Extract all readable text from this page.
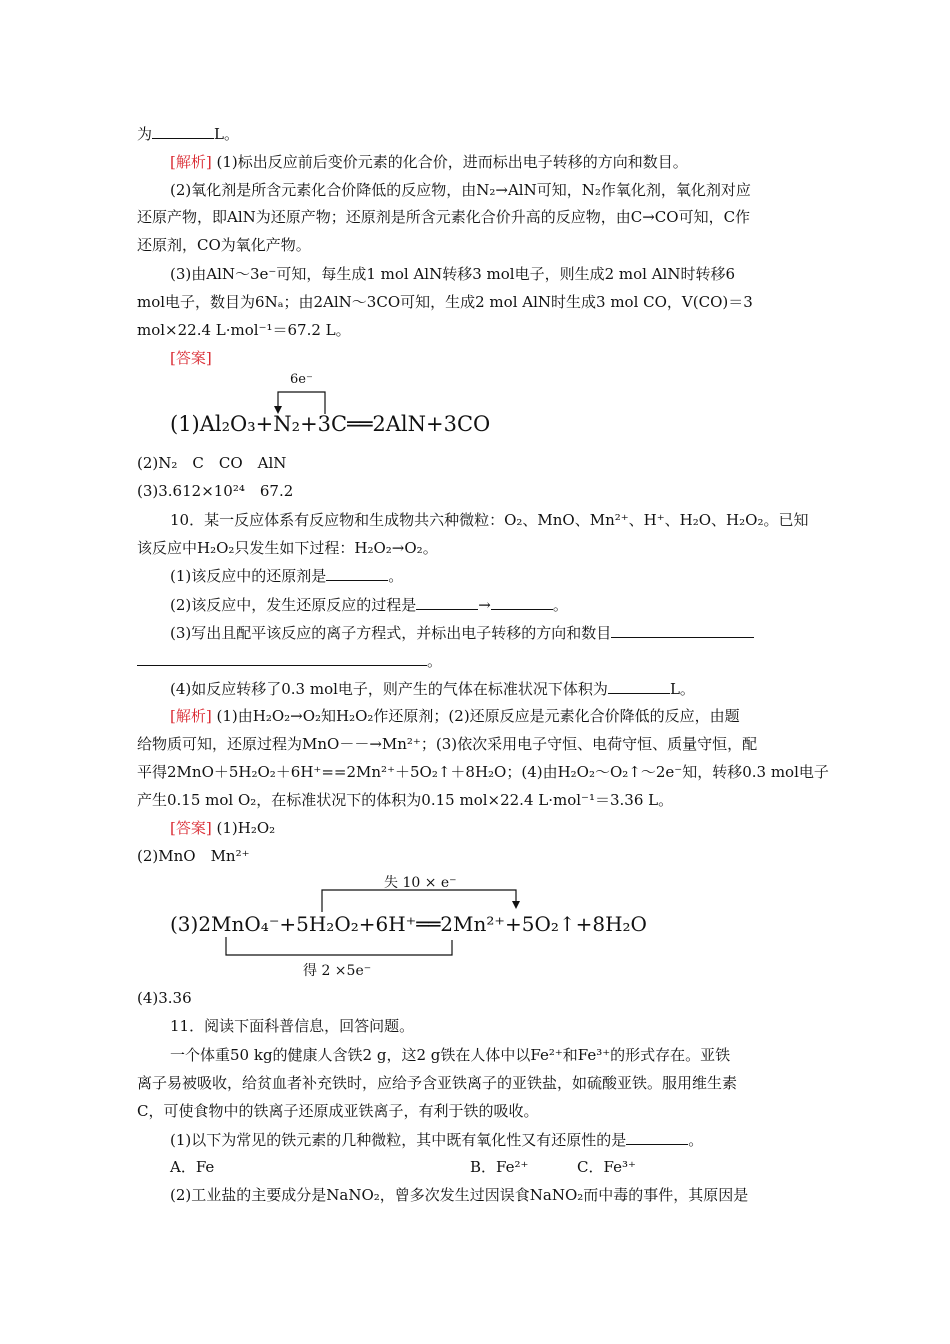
为	L。
[解析] (1)标出反应前后变价元素的化合价，进而标出电子转移的方向和数目。
(2)氧化剂是所含元素化合价降低的反应物，由N₂→AlN可知，N₂作氧化剂，氧化剂对应
还原产物，即AlN为还原产物；还原剂是所含元素化合价升高的反应物，由C→CO可知，C作
还原剂，CO为氧化产物。
(3)由AlN～3e⁻可知，每生成1 mol AlN转移3 mol电子，则生成2 mol AlN时转移6
mol电子，数目为6Nₐ；由2AlN～3CO可知，生成2 mol AlN时生成3 mol CO，V(CO)＝3
mol×22.4 L·mol⁻¹＝67.2 L。
[答案]
6e⁻
(1)Al₂O₃+N₂+3C══2AlN+3CO
(2)N₂　C　CO　AlN
(3)3.612×10²⁴　67.2
10．某一反应体系有反应物和生成物共六种微粒：O₂、MnO、Mn²⁺、H⁺、H₂O、H₂O₂。已知
该反应中H₂O₂只发生如下过程：H₂O₂→O₂。
(1)该反应中的还原剂是	。
(2)该反应中，发生还原反应的过程是	→	。
(3)写出且配平该反应的离子方程式，并标出电子转移的方向和数目
。
(4)如反应转移了0.3 mol电子，则产生的气体在标准状况下体积为	L。
[解析] (1)由H₂O₂→O₂知H₂O₂作还原剂；(2)还原反应是元素化合价降低的反应，由题
给物质可知，还原过程为MnO－－→Mn²⁺；(3)依次采用电子守恒、电荷守恒、质量守恒，配
平得2MnO＋5H₂O₂＋6H⁺==2Mn²⁺＋5O₂↑＋8H₂O；(4)由H₂O₂～O₂↑～2e⁻知，转移0.3 mol电子
产生0.15 mol O₂，在标准状况下的体积为0.15 mol×22.4 L·mol⁻¹＝3.36 L。
[答案] (1)H₂O₂
(2)MnO　Mn²⁺
失 10 × e⁻
(3)2MnO₄⁻+5H₂O₂+6H⁺══2Mn²⁺+5O₂↑+8H₂O
得 2 ×5e⁻
(4)3.36
11．阅读下面科普信息，回答问题。
一个体重50 kg的健康人含铁2 g，这2 g铁在人体中以Fe²⁺和Fe³⁺的形式存在。亚铁
离子易被吸收，给贫血者补充铁时，应给予含亚铁离子的亚铁盐，如硫酸亚铁。服用维生素
C，可使食物中的铁离子还原成亚铁离子，有利于铁的吸收。
(1)以下为常见的铁元素的几种微粒，其中既有氧化性又有还原性的是	。
A．Fe	B．Fe²⁺	C．Fe³⁺
(2)工业盐的主要成分是NaNO₂，曾多次发生过因误食NaNO₂而中毒的事件，其原因是
